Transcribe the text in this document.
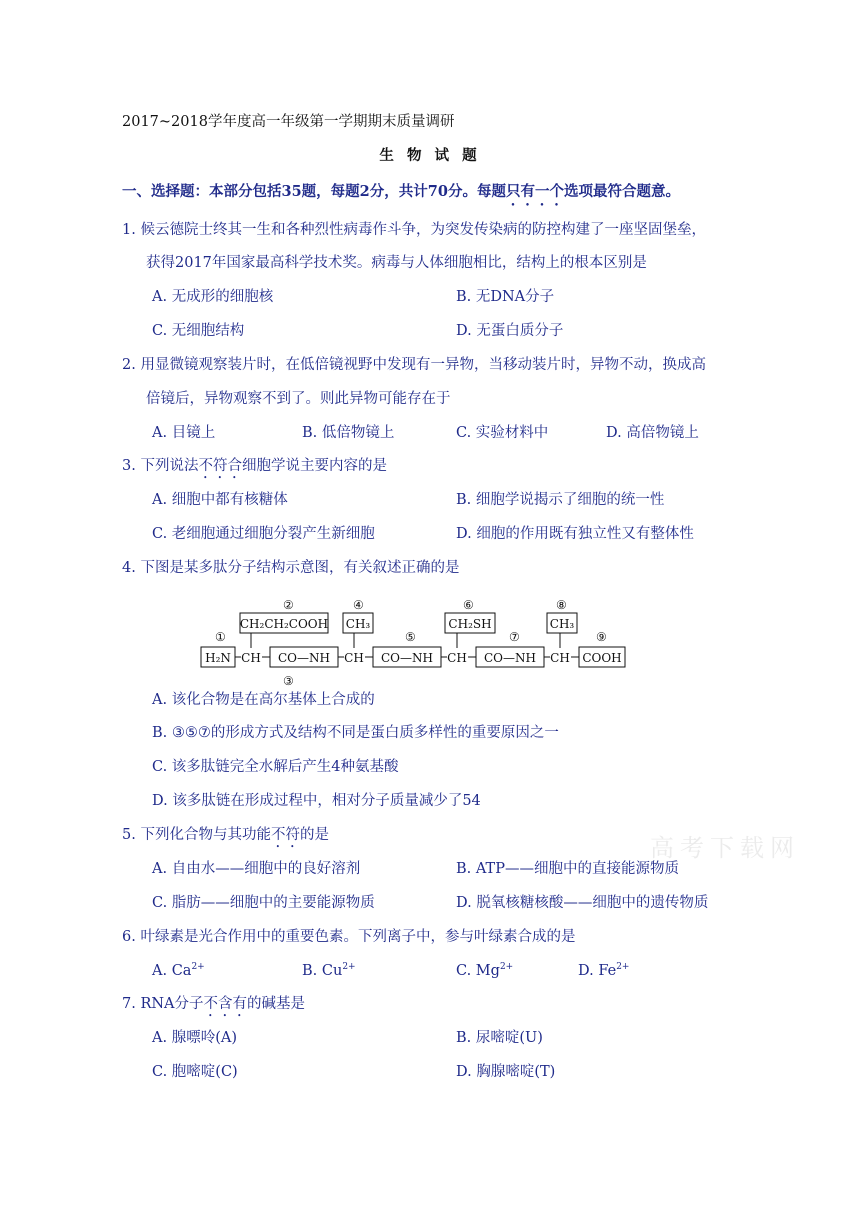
2017~2018学年度高一年级第一学期期末质量调研
生 物 试 题
一、选择题：本部分包括35题，每题2分，共计70分。每题只有一个选项最符合题意。
1. 候云德院士终其一生和各种烈性病毒作斗争，为突发传染病的防控构建了一座坚固堡垒，
获得2017年国家最高科学技术奖。病毒与人体细胞相比，结构上的根本区别是
A. 无成形的细胞核	B. 无DNA分子
C. 无细胞结构	D. 无蛋白质分子
2. 用显微镜观察装片时，在低倍镜视野中发现有一异物，当移动装片时，异物不动，换成高
倍镜后，异物观察不到了。则此异物可能存在于
A. 目镜上	B. 低倍物镜上	C. 实验材料中	D. 高倍物镜上
3. 下列说法不符合细胞学说主要内容的是
A. 细胞中都有核糖体	B. 细胞学说揭示了细胞的统一性
C. 老细胞通过细胞分裂产生新细胞	D. 细胞的作用既有独立性又有整体性
4. 下图是某多肽分子结构示意图，有关叙述正确的是
①
②
③
④
⑤
⑥
⑦
⑧
⑨
CH₂CH₂COOH CH₃	CH₂SH	CH₃
H₂N CH CO—NH CH CO—NH CH CO—NH CH COOH
A. 该化合物是在高尔基体上合成的
B. ③⑤⑦的形成方式及结构不同是蛋白质多样性的重要原因之一
C. 该多肽链完全水解后产生4种氨基酸
D. 该多肽链在形成过程中，相对分子质量减少了54
5. 下列化合物与其功能不符的是
A. 自由水——细胞中的良好溶剂	B. ATP——细胞中的直接能源物质
C. 脂肪——细胞中的主要能源物质	D. 脱氧核糖核酸——细胞中的遗传物质
6. 叶绿素是光合作用中的重要色素。下列离子中，参与叶绿素合成的是
A. $Ca^{2+}$	B. $Cu^{2+}$	C. $Mg^{2+}$	D. $Fe^{2+}$
7. RNA分子不含有的碱基是
A. 腺嘌呤(A)	B. 尿嘧啶(U)
C. 胞嘧啶(C)	D. 胸腺嘧啶(T)
高考下载网
